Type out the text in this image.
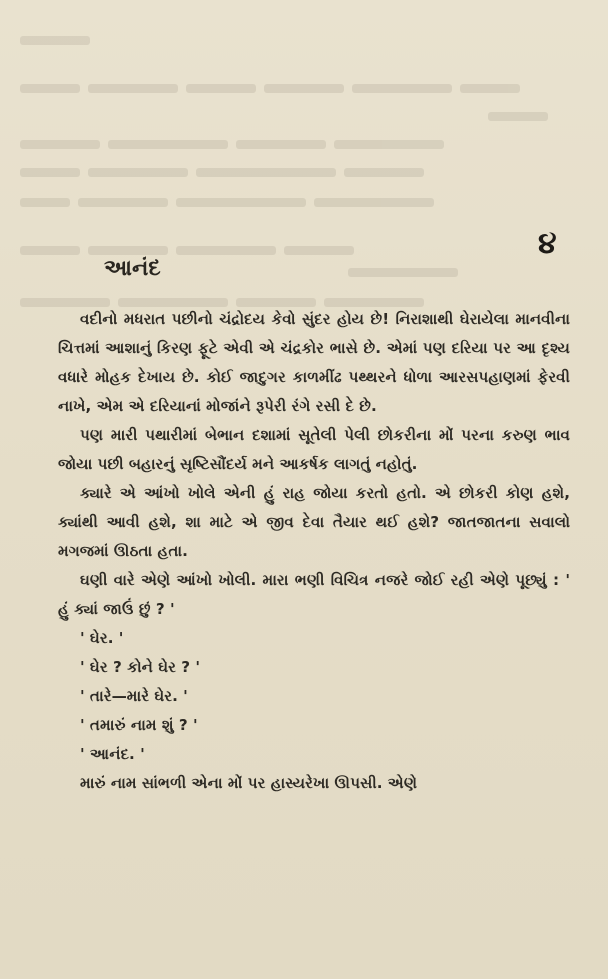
૪
આનંદ

વદીનો મધરાત પછીનો ચંદ્રોદય કેવો સુંદર હોય છે! નિરાશાથી ઘેરાયેલા માનવીના ચિત્તમાં આશાનું કિરણ ફૂટે એવી એ ચંદ્રકોર ભાસે છે. એમાં પણ દરિયા પર આ દૃશ્ય વધારે મોહક દેખાય છે. કોઈ જાદુગર કાળમીંઢ પથ્થરને ધોળા આરસપહાણમાં ફેરવી નાખે, એમ એ દરિયાનાં મોજાંને રૂપેરી રંગે રસી દે છે.

પણ મારી પથારીમાં બેભાન દશામાં સૂતેલી પેલી છોકરીના મોં પરના કરુણ ભાવ જોયા પછી બહારનું સૃષ્ટિસૌંદર્ય મને આકર્ષક લાગતું નહોતું.

ક્યારે એ આંખો ખોલે એની હું રાહ જોયા કરતો હતો. એ છોકરી કોણ હશે, ક્યાંથી આવી હશે, શા માટે એ જીવ દેવા તૈયાર થઈ હશે? જાતજાતના સવાલો મગજમાં ઊઠતા હતા.

ઘણી વારે એણે આંખો ખોલી. મારા ભણી વિચિત્ર નજરે જોઈ રહી એણે પૂછ્યું : ' હું ક્યાં જાઉં છું ? '

' ઘેર. '

' ઘેર ? કોને ઘેર ? '

' તારે—મારે ઘેર. '

' તમારું નામ શું ? '

' આનંદ. '

મારું નામ સાંભળી એના મોં પર હાસ્યરેખા ઊપસી. એણે
